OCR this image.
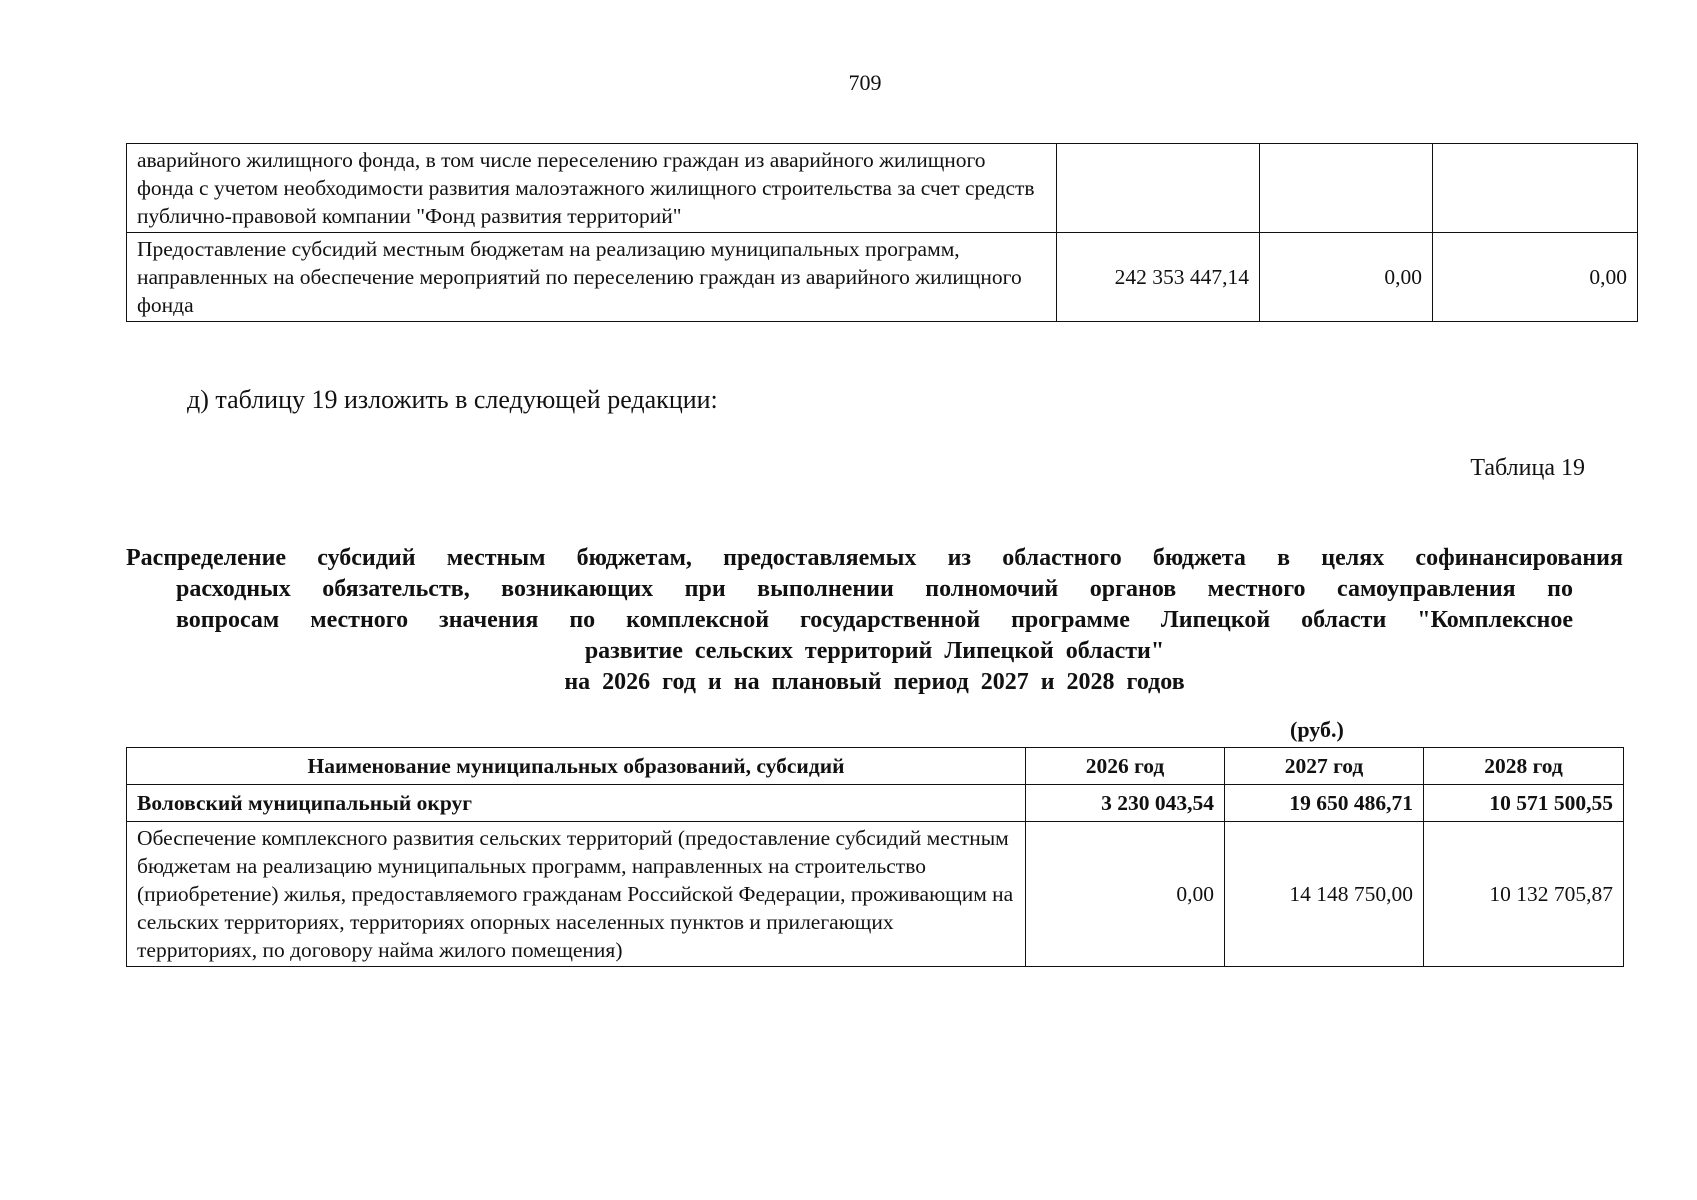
709
аварийного жилищного фонда, в том числе переселению граждан из аварийного жилищного фонда с учетом необходимости развития малоэтажного жилищного строительства за счет средств публично-правовой компании "Фонд развития территорий"			
Предоставление субсидий местным бюджетам на реализацию муниципальных программ, направленных на обеспечение мероприятий по переселению граждан из аварийного жилищного фонда	242 353 447,14	0,00	0,00
д) таблицу 19 изложить в следующей редакции:
Таблица 19
Распределение субсидий местным бюджетам, предоставляемых из областного бюджета в целях софинансирования
расходных обязательств, возникающих при выполнении полномочий органов местного самоуправления по
вопросам местного значения по комплексной государственной программе Липецкой области "Комплексное
развитие сельских территорий Липецкой области"
на 2026 год и на плановый период 2027 и 2028 годов
(руб.)
Наименование муниципальных образований, субсидий	2026 год	2027 год	2028 год
Воловский муниципальный округ	3 230 043,54	19 650 486,71	10 571 500,55
Обеспечение комплексного развития сельских территорий (предоставление субсидий местным бюджетам на реализацию муниципальных программ, направленных на строительство (приобретение) жилья, предоставляемого гражданам Российской Федерации, проживающим на сельских территориях, территориях опорных населенных пунктов и прилегающих территориях, по договору найма жилого помещения)	0,00	14 148 750,00	10 132 705,87
